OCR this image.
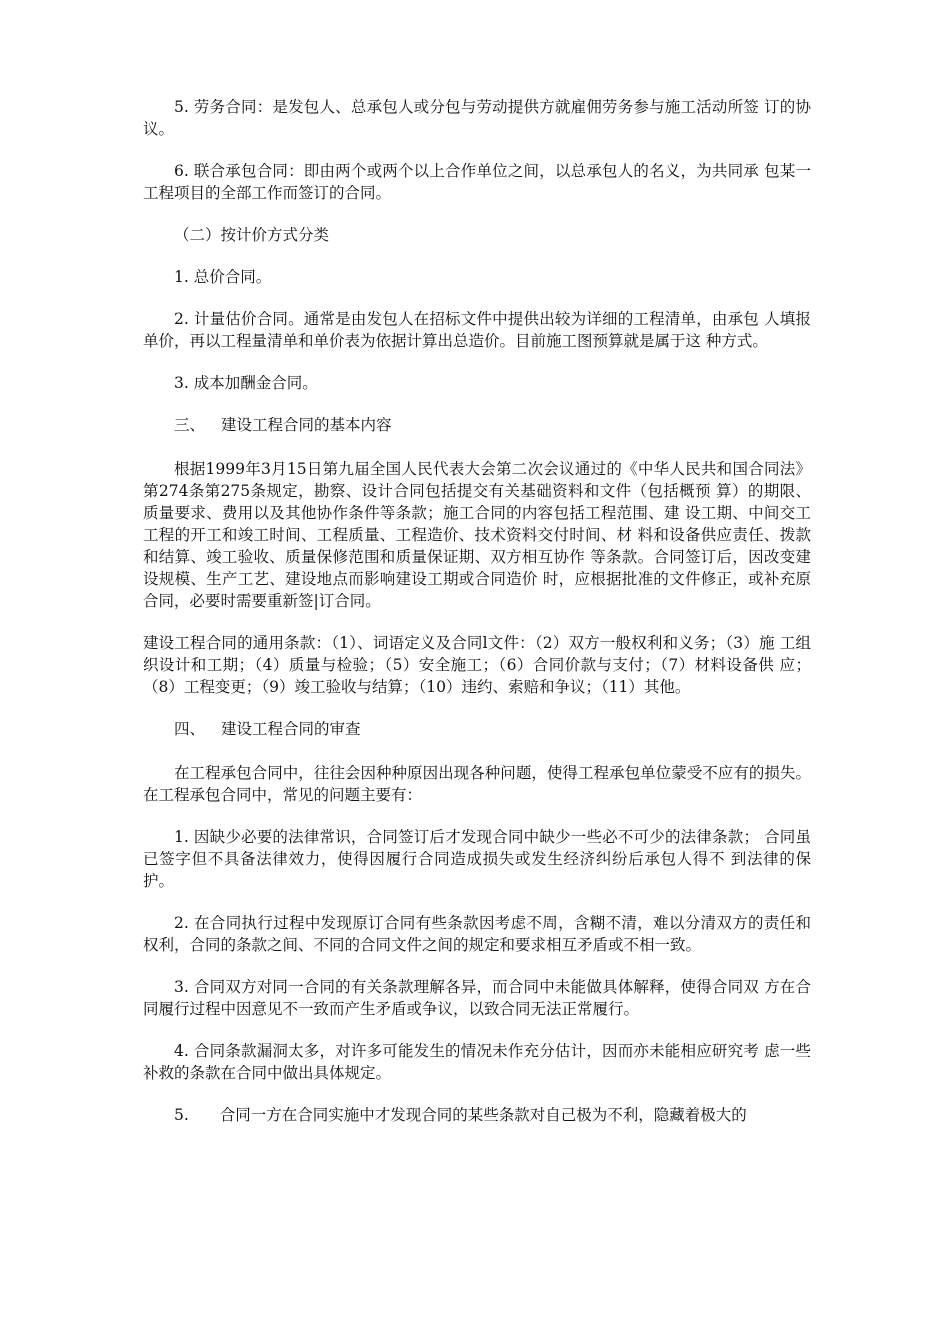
5. 劳务合同：是发包人、总承包人或分包与劳动提供方就雇佣劳务参与施工活动所签 订的协议。

6. 联合承包合同：即由两个或两个以上合作单位之间，以总承包人的名义，为共同承 包某一工程项目的全部工作而签订的合同。

（二）按计价方式分类

1. 总价合同。

2. 计量估价合同。通常是由发包人在招标文件中提供出较为详细的工程清单，由承包 人填报单价，再以工程量清单和单价表为依据计算出总造价。目前施工图预算就是属于这 种方式。

3. 成本加酬金合同。

三、 建设工程合同的基本内容

根据1999年3月15日第九届全国人民代表大会第二次会议通过的《中华人民共和国合同法》第274条第275条规定，勘察、设计合同包括提交有关基础资料和文件（包括概预 算）的期限、质量要求、费用以及其他协作条件等条款；施工合同的内容包括工程范围、建 设工期、中间交工工程的开工和竣工时间、工程质量、工程造价、技术资料交付时间、材 料和设备供应责任、拨款和结算、竣工验收、质量保修范围和质量保证期、双方相互协作 等条款。合同签订后，因改变建设规模、生产工艺、建设地点而影响建设工期或合同造价 时，应根据批准的文件修正，或补充原合同，必要时需要重新签|订合同。

建设工程合同的通用条款：（1）、词语定义及合同l文件：（2）双方一般权利和义务；（3）施 工组织设计和工期；（4）质量与检验；（5）安全施工；（6）合同价款与支付；（7）材料设备供 应；（8）工程变更；（9）竣工验收与结算；（10）违约、索赔和争议；（11）其他。

四、 建设工程合同的审查

在工程承包合同中，往往会因种种原因出现各种问题，使得工程承包单位蒙受不应有的损失。在工程承包合同中，常见的问题主要有：

1. 因缺少必要的法律常识，合同签订后才发现合同中缺少一些必不可少的法律条款； 合同虽已签字但不具备法律效力，使得因履行合同造成损失或发生经济纠纷后承包人得不 到法律的保护。

2. 在合同执行过程中发现原订合同有些条款因考虑不周，含糊不清，难以分清双方的责任和权利，合同的条款之间、不同的合同文件之间的规定和要求相互矛盾或不相一致。

3. 合同双方对同一合同的有关条款理解各异，而合同中未能做具体解释，使得合同双 方在合同履行过程中因意见不一致而产生矛盾或争议，以致合同无法正常履行。

4. 合同条款漏洞太多，对许多可能发生的情况未作充分估计，因而亦未能相应研究考 虑一些补救的条款在合同中做出具体规定。

5.　　合同一方在合同实施中才发现合同的某些条款对自己极为不利，隐藏着极大的
